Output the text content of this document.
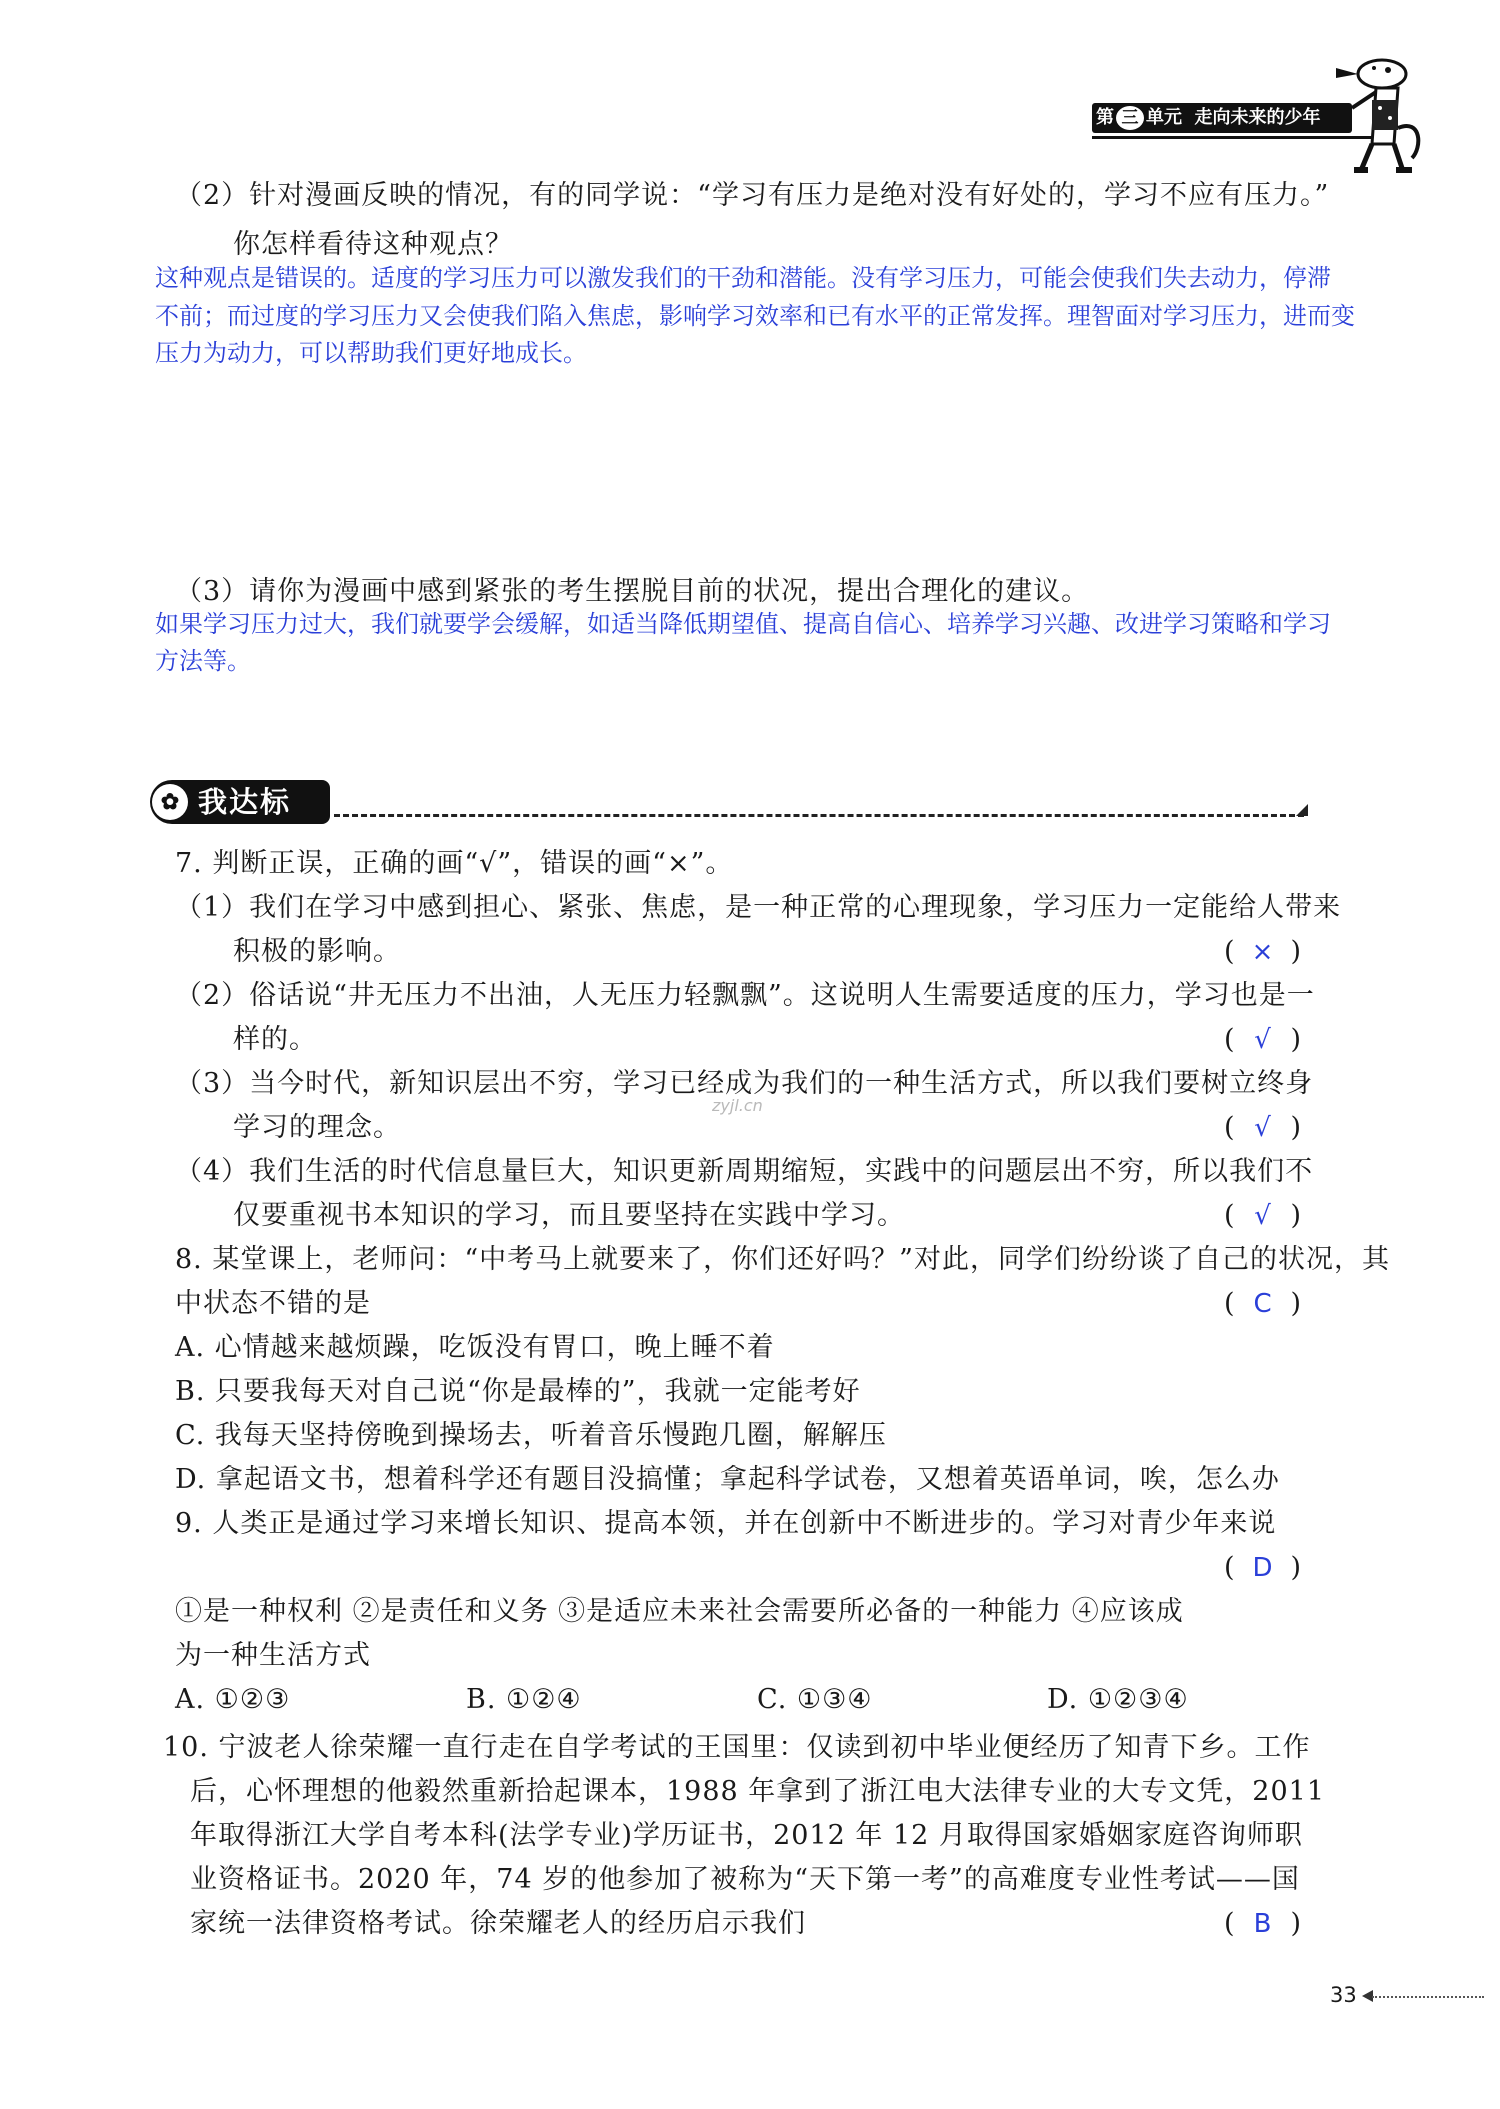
第 三 单元 走向未来的少年
（2）针对漫画反映的情况，有的同学说：“学习有压力是绝对没有好处的，学习不应有压力。”
你怎样看待这种观点？
这种观点是错误的。适度的学习压力可以激发我们的干劲和潜能。没有学习压力，可能会使我们失去动力，停滞
不前；而过度的学习压力又会使我们陷入焦虑，影响学习效率和已有水平的正常发挥。理智面对学习压力，进而变
压力为动力，可以帮助我们更好地成长。
（3）请你为漫画中感到紧张的考生摆脱目前的状况，提出合理化的建议。
如果学习压力过大，我们就要学会缓解，如适当降低期望值、提高自信心、培养学习兴趣、改进学习策略和学习
方法等。
✿ 我达标
7. 判断正误，正确的画“√”，错误的画“×”。
（1）我们在学习中感到担心、紧张、焦虑，是一种正常的心理现象，学习压力一定能给人带来
积极的影响。	( × )
（2）俗话说“井无压力不出油，人无压力轻飘飘”。这说明人生需要适度的压力，学习也是一
样的。	( √ )
（3）当今时代，新知识层出不穷，学习已经成为我们的一种生活方式，所以我们要树立终身
学习的理念。	( √ )
（4）我们生活的时代信息量巨大，知识更新周期缩短，实践中的问题层出不穷，所以我们不
仅要重视书本知识的学习，而且要坚持在实践中学习。	( √ )
zyjl.cn
8. 某堂课上，老师问：“中考马上就要来了，你们还好吗？”对此，同学们纷纷谈了自己的状况，其
中状态不错的是	( C )
A. 心情越来越烦躁，吃饭没有胃口，晚上睡不着
B. 只要我每天对自己说“你是最棒的”，我就一定能考好
C. 我每天坚持傍晚到操场去，听着音乐慢跑几圈，解解压
D. 拿起语文书，想着科学还有题目没搞懂；拿起科学试卷，又想着英语单词，唉，怎么办
9. 人类正是通过学习来增长知识、提高本领，并在创新中不断进步的。学习对青少年来说
( D )
①是一种权利 ②是责任和义务 ③是适应未来社会需要所必备的一种能力 ④应该成
为一种生活方式
A. ①②③	B. ①②④	C. ①③④	D. ①②③④
10. 宁波老人徐荣耀一直行走在自学考试的王国里：仅读到初中毕业便经历了知青下乡。工作
后，心怀理想的他毅然重新拾起课本，1988 年拿到了浙江电大法律专业的大专文凭，2011
年取得浙江大学自考本科(法学专业)学历证书，2012 年 12 月取得国家婚姻家庭咨询师职
业资格证书。2020 年，74 岁的他参加了被称为“天下第一考”的高难度专业性考试——国
家统一法律资格考试。徐荣耀老人的经历启示我们	( B )
33
